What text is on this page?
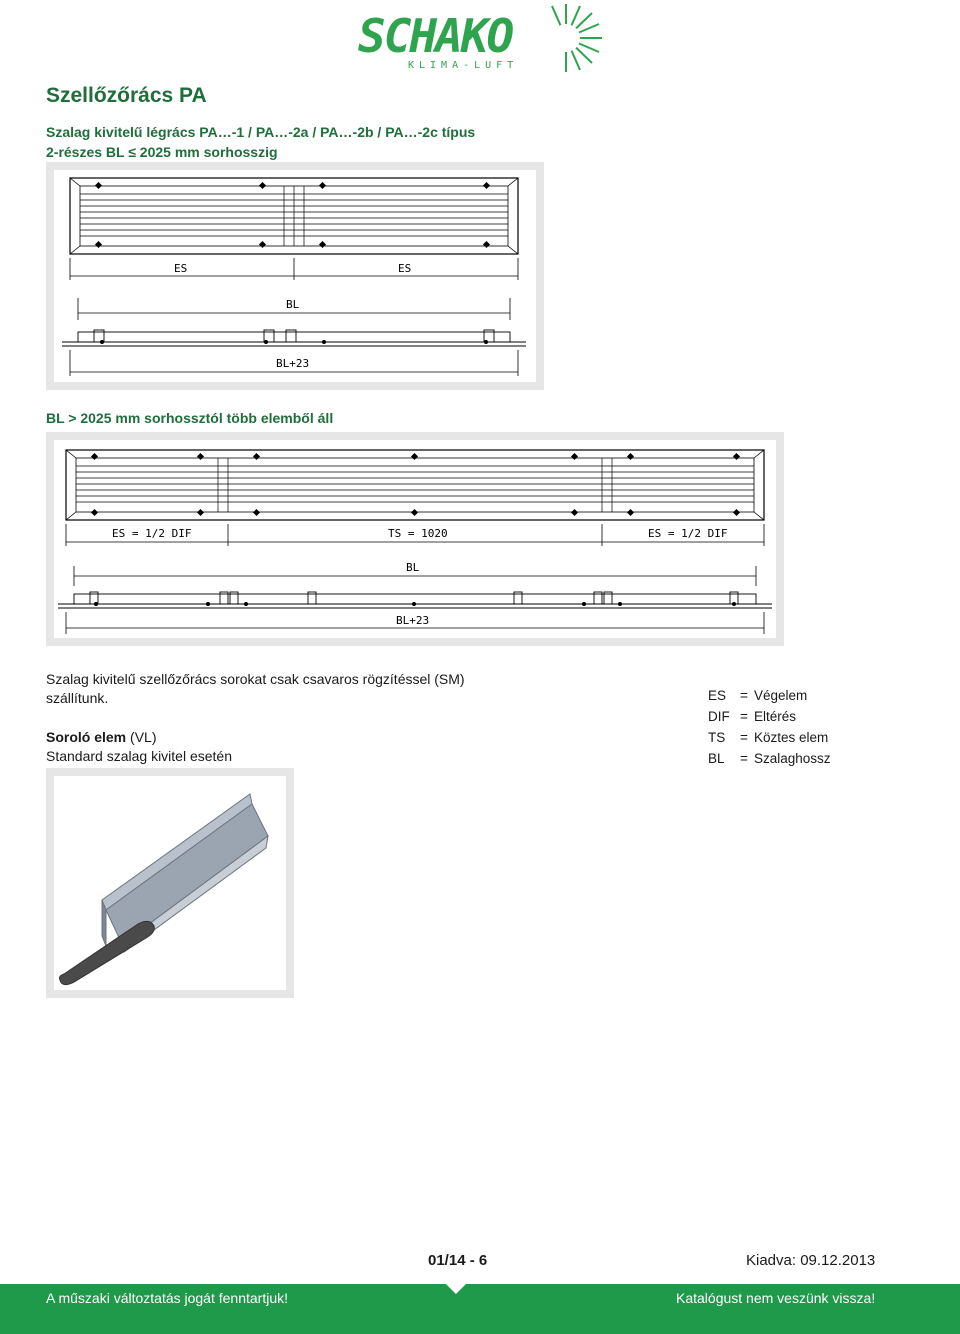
SCHAKO
KLIMA-LUFT
Szellőzőrács PA
Szalag kivitelű légrács PA…-1 / PA…-2a / PA…-2b / PA…-2c típus
2-részes BL ≤ 2025 mm sorhosszig
ES	ES
BL
BL+23
BL > 2025 mm sorhossztól több elemből áll
ES = 1/2 DIF	TS = 1020	ES = 1/2 DIF
BL
BL+23
Szalag kivitelű szellőzőrács sorokat csak csavaros rögzítéssel (SM) szállítunk.
Soroló elem (VL)
Standard szalag kivitel esetén
ES	= Végelem
DIF = Eltérés
TS	= Köztes elem
BL	= Szalaghossz
01/14 - 6	Kiadva: 09.12.2013
A műszaki változtatás jogát fenntartjuk!	Katalógust nem veszünk vissza!
